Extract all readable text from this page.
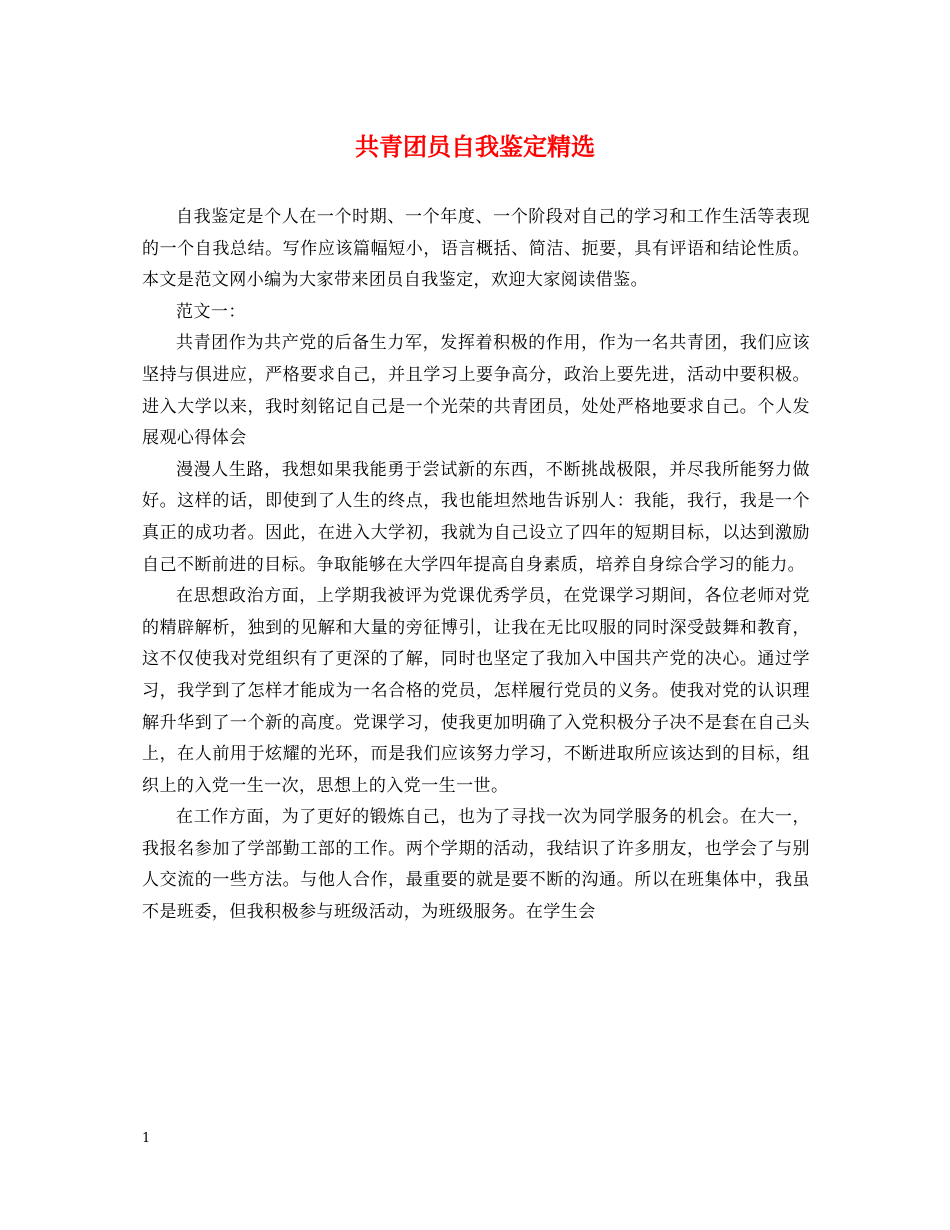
共青团员自我鉴定精选

自我鉴定是个人在一个时期、一个年度、一个阶段对自己的学习和工作生活等表现的一个自我总结。写作应该篇幅短小，语言概括、简洁、扼要，具有评语和结论性质。本文是范文网小编为大家带来团员自我鉴定，欢迎大家阅读借鉴。

范文一：

共青团作为共产党的后备生力军，发挥着积极的作用，作为一名共青团，我们应该坚持与俱进应，严格要求自己，并且学习上要争高分，政治上要先进，活动中要积极。进入大学以来，我时刻铭记自己是一个光荣的共青团员，处处严格地要求自己。个人发展观心得体会

漫漫人生路，我想如果我能勇于尝试新的东西，不断挑战极限，并尽我所能努力做好。这样的话，即使到了人生的终点，我也能坦然地告诉别人：我能，我行，我是一个真正的成功者。因此，在进入大学初，我就为自己设立了四年的短期目标，以达到激励自己不断前进的目标。争取能够在大学四年提高自身素质，培养自身综合学习的能力。

在思想政治方面，上学期我被评为党课优秀学员，在党课学习期间，各位老师对党的精辟解析，独到的见解和大量的旁征博引，让我在无比叹服的同时深受鼓舞和教育，这不仅使我对党组织有了更深的了解，同时也坚定了我加入中国共产党的决心。通过学习，我学到了怎样才能成为一名合格的党员，怎样履行党员的义务。使我对党的认识理解升华到了一个新的高度。党课学习，使我更加明确了入党积极分子决不是套在自己头上，在人前用于炫耀的光环，而是我们应该努力学习，不断进取所应该达到的目标，组织上的入党一生一次，思想上的入党一生一世。

在工作方面，为了更好的锻炼自己，也为了寻找一次为同学服务的机会。在大一，我报名参加了学部勤工部的工作。两个学期的活动，我结识了许多朋友，也学会了与别人交流的一些方法。与他人合作，最重要的就是要不断的沟通。所以在班集体中，我虽不是班委，但我积极参与班级活动，为班级服务。在学生会

1
